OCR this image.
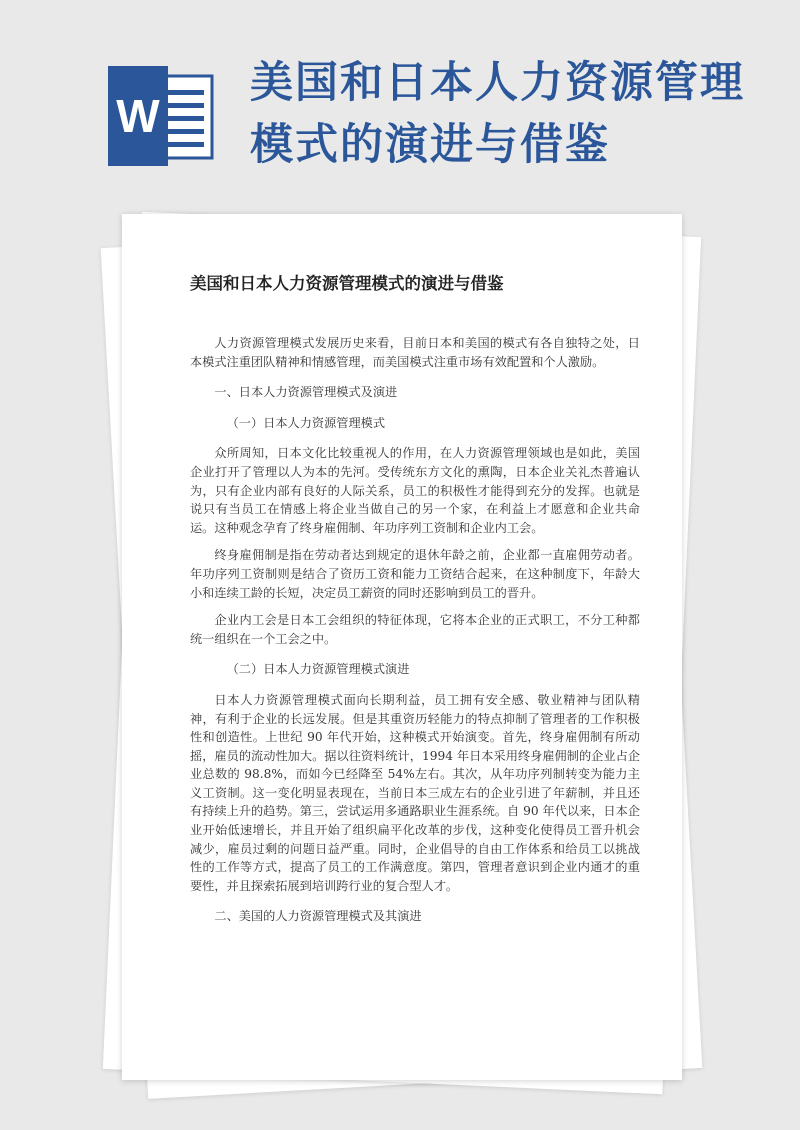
W
美国和日本人力资源管理模式的演进与借鉴
美国和日本人力资源管理模式的演进与借鉴

人力资源管理模式发展历史来看，目前日本和美国的模式有各自独特之处，日本模式注重团队精神和情感管理，而美国模式注重市场有效配置和个人激励。

一、日本人力资源管理模式及演进
（一）日本人力资源管理模式

众所周知，日本文化比较重视人的作用，在人力资源管理领域也是如此，美国企业打开了管理以人为本的先河。受传统东方文化的熏陶，日本企业关礼杰普遍认为，只有企业内部有良好的人际关系，员工的积极性才能得到充分的发挥。也就是说只有当员工在情感上将企业当做自己的另一个家，在利益上才愿意和企业共命运。这种观念孕育了终身雇佣制、年功序列工资制和企业内工会。

终身雇佣制是指在劳动者达到规定的退休年龄之前，企业都一直雇佣劳动者。年功序列工资制则是结合了资历工资和能力工资结合起来，在这种制度下，年龄大小和连续工龄的长短，决定员工薪资的同时还影响到员工的晋升。

企业内工会是日本工会组织的特征体现，它将本企业的正式职工，不分工种都统一组织在一个工会之中。

（二）日本人力资源管理模式演进

日本人力资源管理模式面向长期利益，员工拥有安全感、敬业精神与团队精神，有利于企业的长远发展。但是其重资历轻能力的特点抑制了管理者的工作积极性和创造性。上世纪 90 年代开始，这种模式开始演变。首先，终身雇佣制有所动摇，雇员的流动性加大。据以往资料统计，1994 年日本采用终身雇佣制的企业占企业总数的 98.8%，而如今已经降至 54%左右。其次，从年功序列制转变为能力主义工资制。这一变化明显表现在，当前日本三成左右的企业引进了年薪制，并且还有持续上升的趋势。第三，尝试运用多通路职业生涯系统。自 90 年代以来，日本企业开始低速增长，并且开始了组织扁平化改革的步伐，这种变化使得员工晋升机会减少，雇员过剩的问题日益严重。同时，企业倡导的自由工作体系和给员工以挑战性的工作等方式，提高了员工的工作满意度。第四，管理者意识到企业内通才的重要性，并且探索拓展到培训跨行业的复合型人才。

二、美国的人力资源管理模式及其演进
